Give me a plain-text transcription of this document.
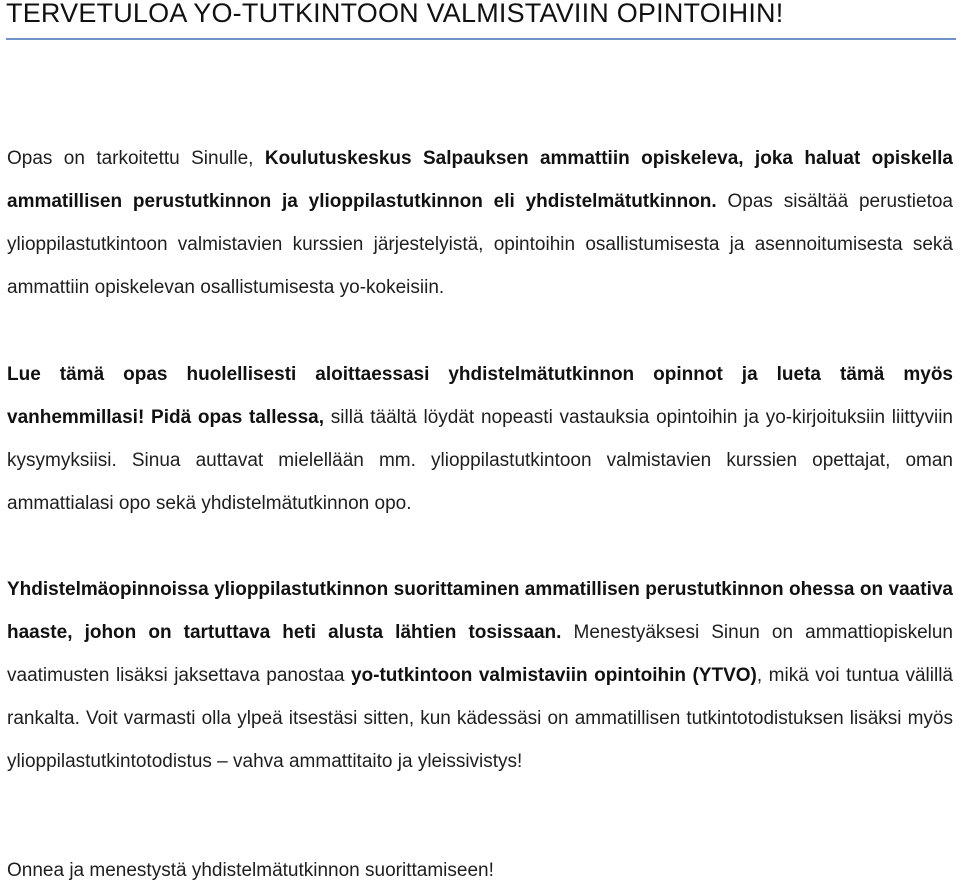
TERVETULOA YO-TUTKINTOON VALMISTAVIIN OPINTOIHIN!

Opas on tarkoitettu Sinulle, Koulutuskeskus Salpauksen ammattiin opiskeleva, joka haluat opiskella ammatillisen perustutkinnon ja ylioppilastutkinnon eli yhdistelmätutkinnon. Opas sisältää perustietoa ylioppilastutkintoon valmistavien kurssien järjestelyistä, opintoihin osallistumisesta ja asennoitumisesta sekä ammattiin opiskelevan osallistumisesta yo-kokeisiin.

Lue tämä opas huolellisesti aloittaessasi yhdistelmätutkinnon opinnot ja lueta tämä myös vanhemmillasi! Pidä opas tallessa, sillä täältä löydät nopeasti vastauksia opintoihin ja yo-kirjoituksiin liittyviin kysymyksiisi. Sinua auttavat mielellään mm. ylioppilastutkintoon valmistavien kurssien opettajat, oman ammattialasi opo sekä yhdistelmätutkinnon opo.

Yhdistelmäopinnoissa ylioppilastutkinnon suorittaminen ammatillisen perustutkinnon ohessa on vaativa haaste, johon on tartuttava heti alusta lähtien tosissaan. Menestyäksesi Sinun on ammattiopiskelun vaatimusten lisäksi jaksettava panostaa yo-tutkintoon valmistaviin opintoihin (YTVO), mikä voi tuntua välillä rankalta. Voit varmasti olla ylpeä itsestäsi sitten, kun kädessäsi on ammatillisen tutkintotodistuksen lisäksi myös ylioppilastutkintotodistus – vahva ammattitaito ja yleissivistys!

Onnea ja menestystä yhdistelmätutkinnon suorittamiseen!
